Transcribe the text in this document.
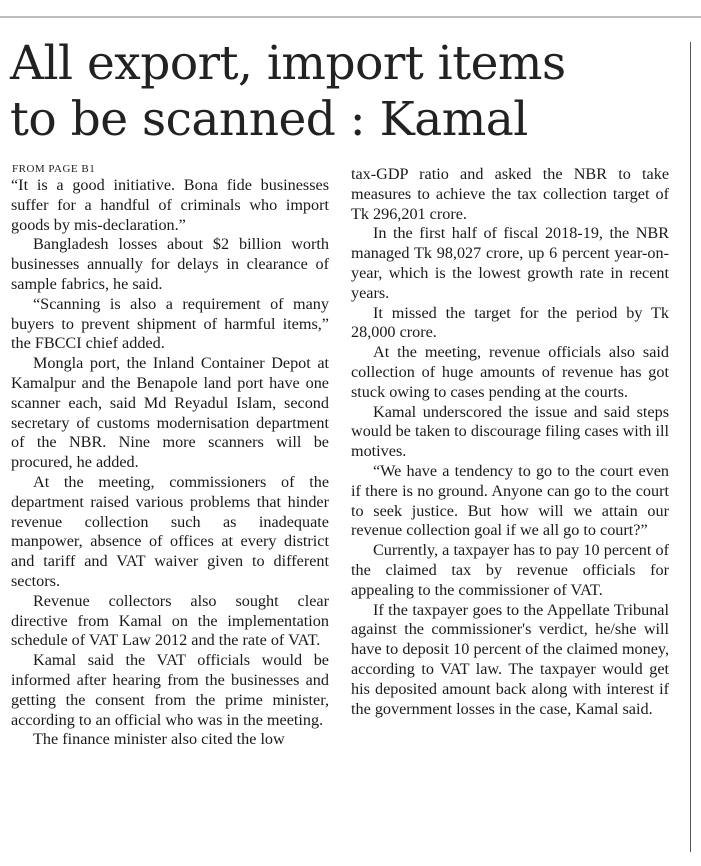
All export, import items
to be scanned : Kamal
FROM PAGE B1

“It is a good initiative. Bona fide businesses suffer for a handful of criminals who import goods by mis-declaration.”

Bangladesh losses about $2 billion worth businesses annually for delays in clearance of sample fabrics, he said.

“Scanning is also a requirement of many buyers to prevent shipment of harmful items,” the FBCCI chief added.

Mongla port, the Inland Container Depot at Kamalpur and the Benapole land port have one scanner each, said Md Reyadul Islam, second secretary of customs modernisation department of the NBR. Nine more scanners will be procured, he added.

At the meeting, commissioners of the department raised various problems that hinder revenue collection such as inadequate manpower, absence of offices at every district and tariff and VAT waiver given to different sectors.

Revenue collectors also sought clear directive from Kamal on the implementation schedule of VAT Law 2012 and the rate of VAT.

Kamal said the VAT officials would be informed after hearing from the businesses and getting the consent from the prime minister, according to an official who was in the meeting.

The finance minister also cited the low

tax-GDP ratio and asked the NBR to take measures to achieve the tax collection target of Tk 296,201 crore.

In the first half of fiscal 2018-19, the NBR managed Tk 98,027 crore, up 6 percent year-on-year, which is the lowest growth rate in recent years.

It missed the target for the period by Tk 28,000 crore.

At the meeting, revenue officials also said collection of huge amounts of revenue has got stuck owing to cases pending at the courts.

Kamal underscored the issue and said steps would be taken to discourage filing cases with ill motives.

“We have a tendency to go to the court even if there is no ground. Anyone can go to the court to seek justice. But how will we attain our revenue collection goal if we all go to court?”

Currently, a taxpayer has to pay 10 percent of the claimed tax by revenue officials for appealing to the commissioner of VAT.

If the taxpayer goes to the Appellate Tribunal against the commissioner's verdict, he/she will have to deposit 10 percent of the claimed money, according to VAT law. The taxpayer would get his deposited amount back along with interest if the government losses in the case, Kamal said.
